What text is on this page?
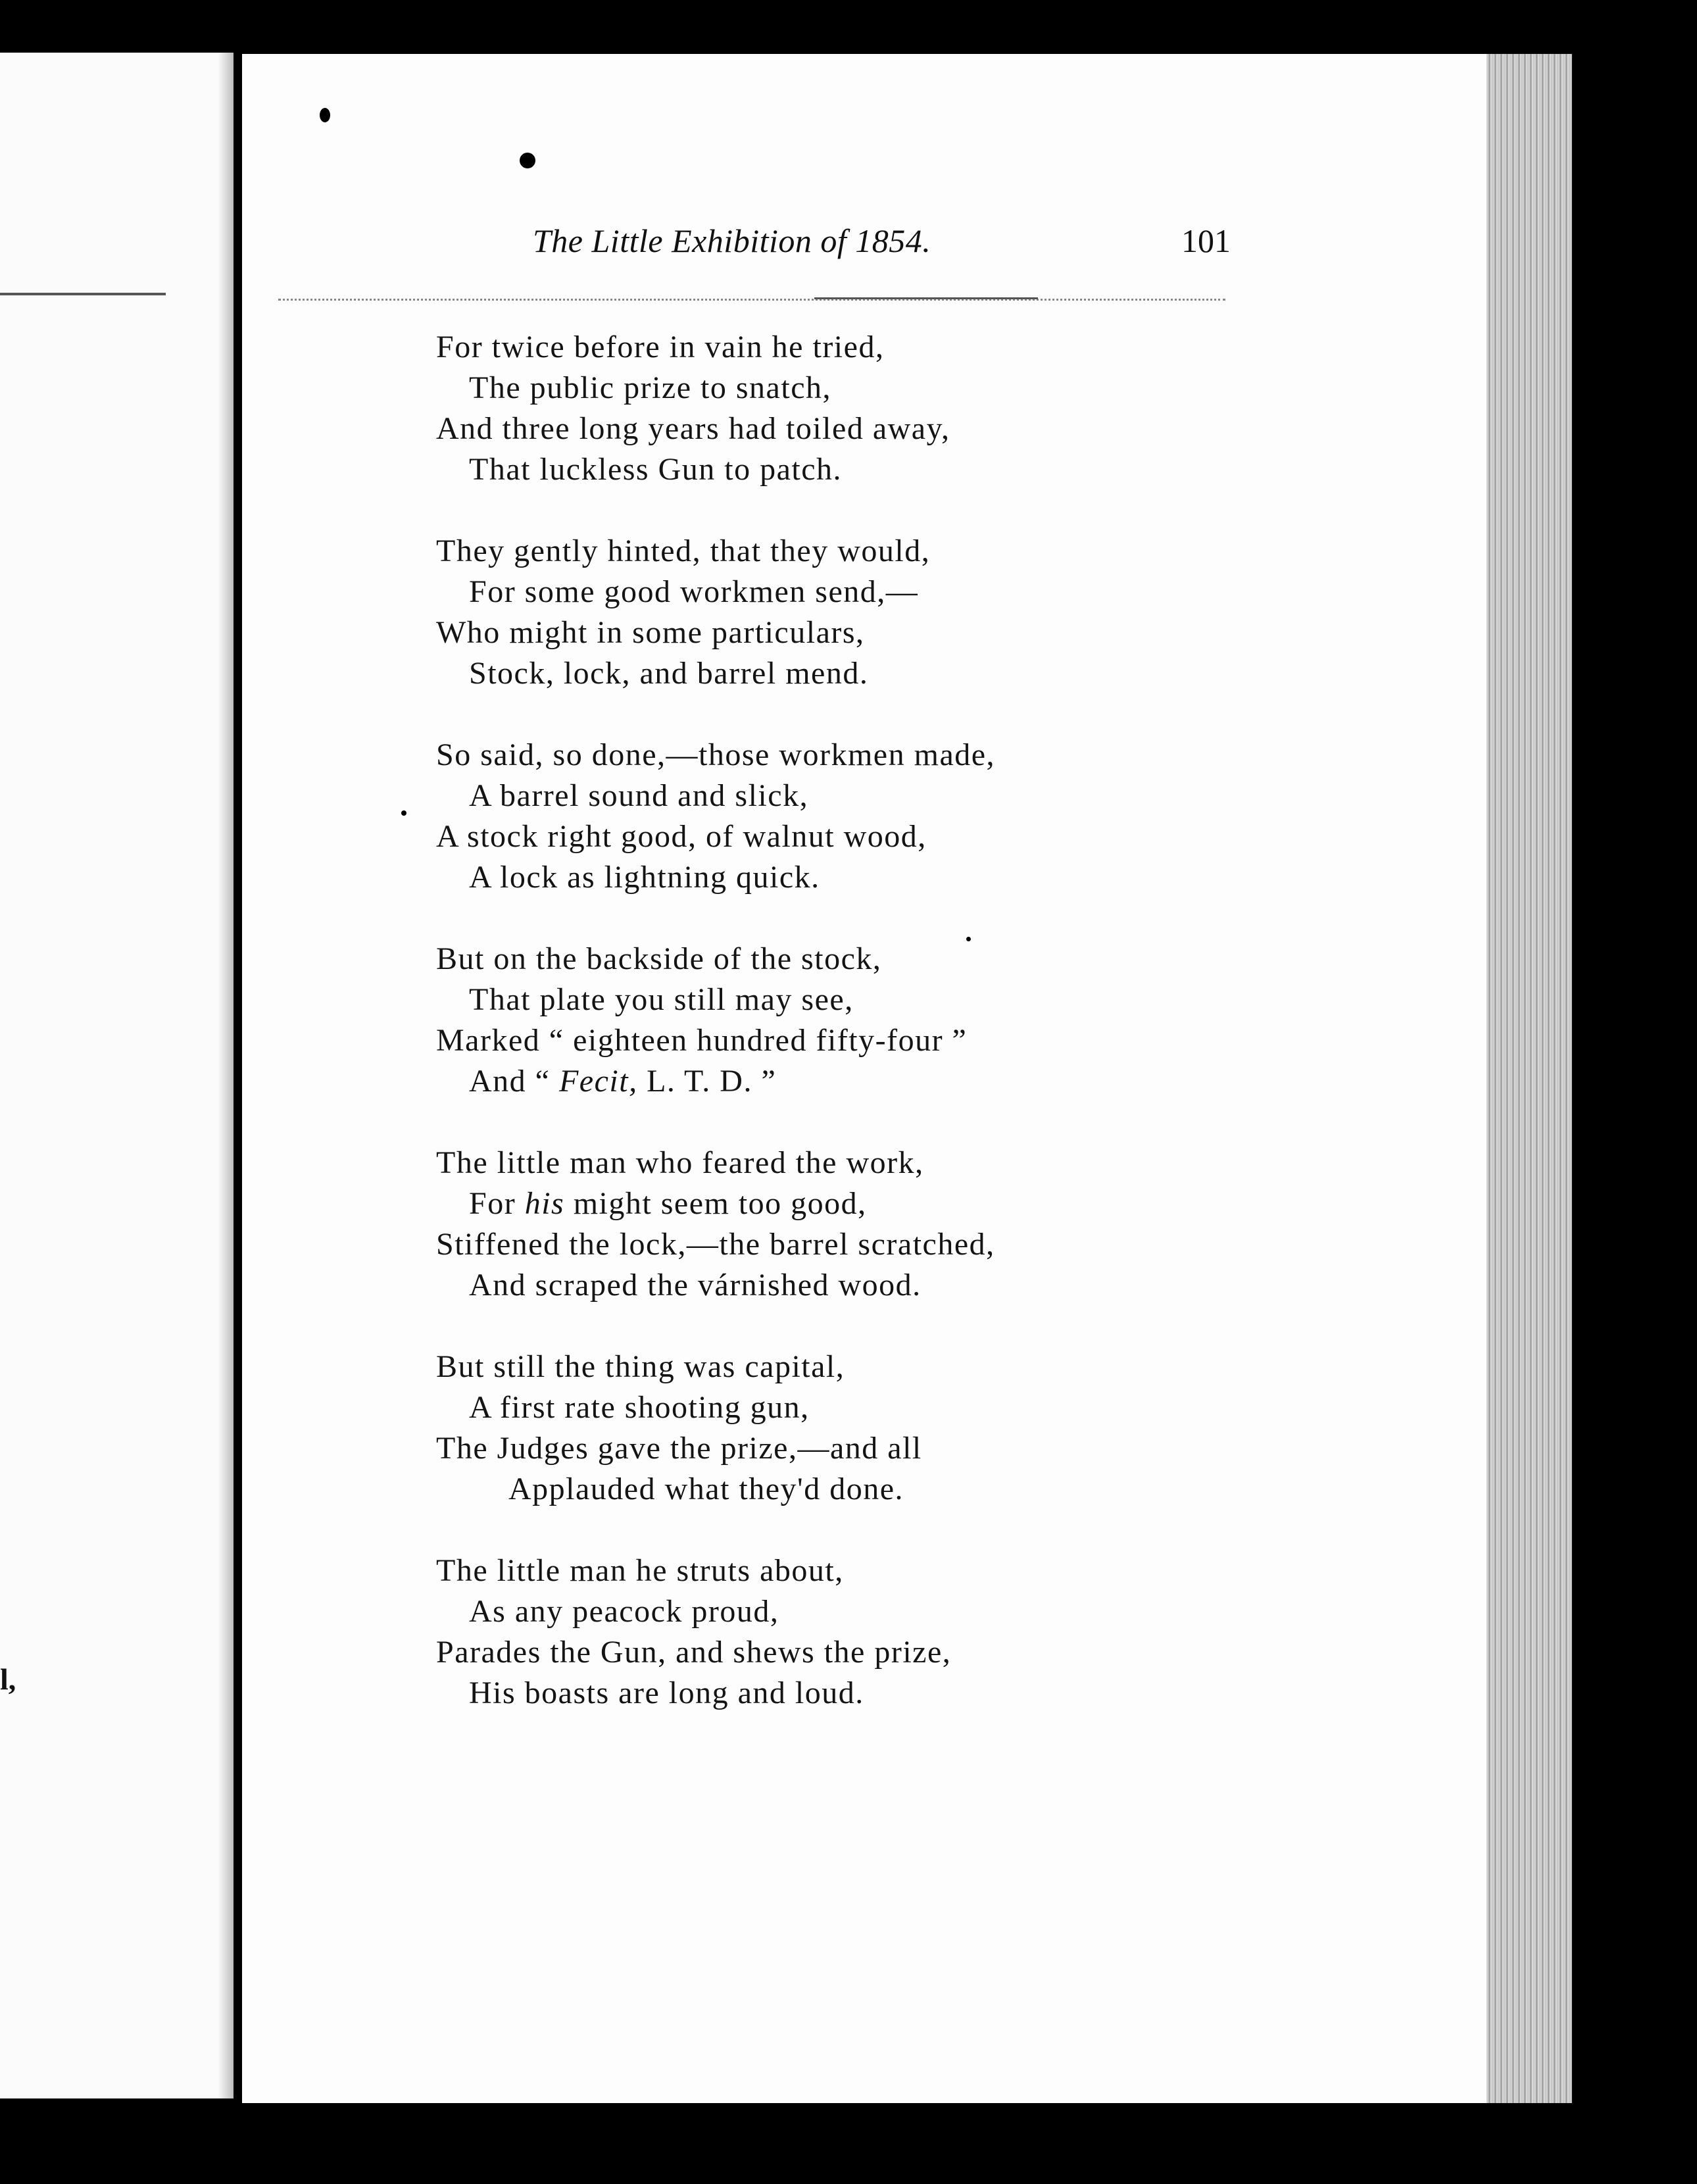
l,
The Little Exhibition of 1854.	101
For twice before in vain he tried,
The public prize to snatch,
And three long years had toiled away,
That luckless Gun to patch.
They gently hinted, that they would,
For some good workmen send,—
Who might in some particulars,
Stock, lock, and barrel mend.
So said, so done,—those workmen made,
A barrel sound and slick,
A stock right good, of walnut wood,
A lock as lightning quick.
But on the backside of the stock,
That plate you still may see,
Marked “ eighteen hundred fifty-four ”
And “ Fecit, L. T. D. ”
The little man who feared the work,
For his might seem too good,
Stiffened the lock,—the barrel scratched,
And scraped the várnished wood.
But still the thing was capital,
A first rate shooting gun,
The Judges gave the prize,—and all
Applauded what they'd done.
The little man he struts about,
As any peacock proud,
Parades the Gun, and shews the prize,
His boasts are long and loud.
